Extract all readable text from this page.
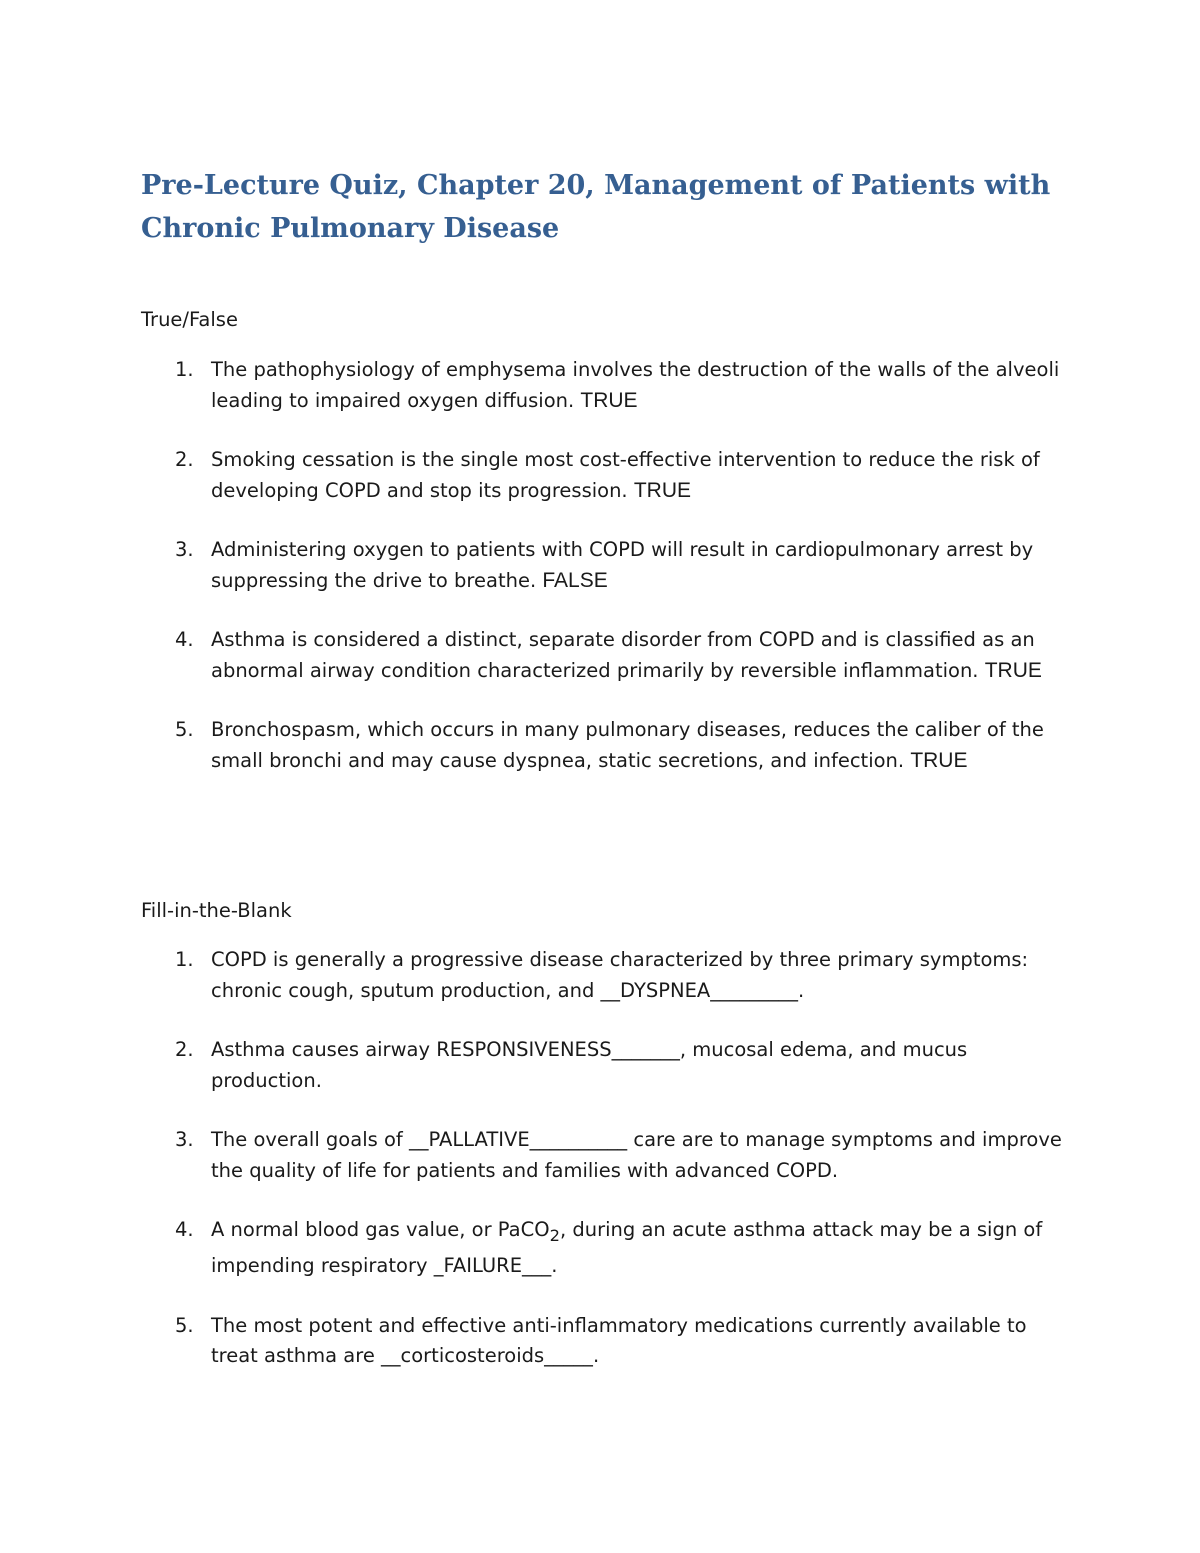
Pre-Lecture Quiz, Chapter 20, Management of Patients with Chronic Pulmonary Disease

True/False

1. The pathophysiology of emphysema involves the destruction of the walls of the alveoli leading to impaired oxygen diffusion. TRUE
2. Smoking cessation is the single most cost-effective intervention to reduce the risk of developing COPD and stop its progression. TRUE
3. Administering oxygen to patients with COPD will result in cardiopulmonary arrest by suppressing the drive to breathe. FALSE
4. Asthma is considered a distinct, separate disorder from COPD and is classified as an abnormal airway condition characterized primarily by reversible inflammation. TRUE
5. Bronchospasm, which occurs in many pulmonary diseases, reduces the caliber of the small bronchi and may cause dyspnea, static secretions, and infection. TRUE

Fill-in-the-Blank

1. COPD is generally a progressive disease characterized by three primary symptoms: chronic cough, sputum production, and __DYSPNEA_________.
2. Asthma causes airway RESPONSIVENESS_______, mucosal edema, and mucus production.
3. The overall goals of __PALLATIVE__________ care are to manage symptoms and improve the quality of life for patients and families with advanced COPD.
4. A normal blood gas value, or PaCO$_2$, during an acute asthma attack may be a sign of impending respiratory _FAILURE___.
5. The most potent and effective anti-inflammatory medications currently available to treat asthma are __corticosteroids_____.
